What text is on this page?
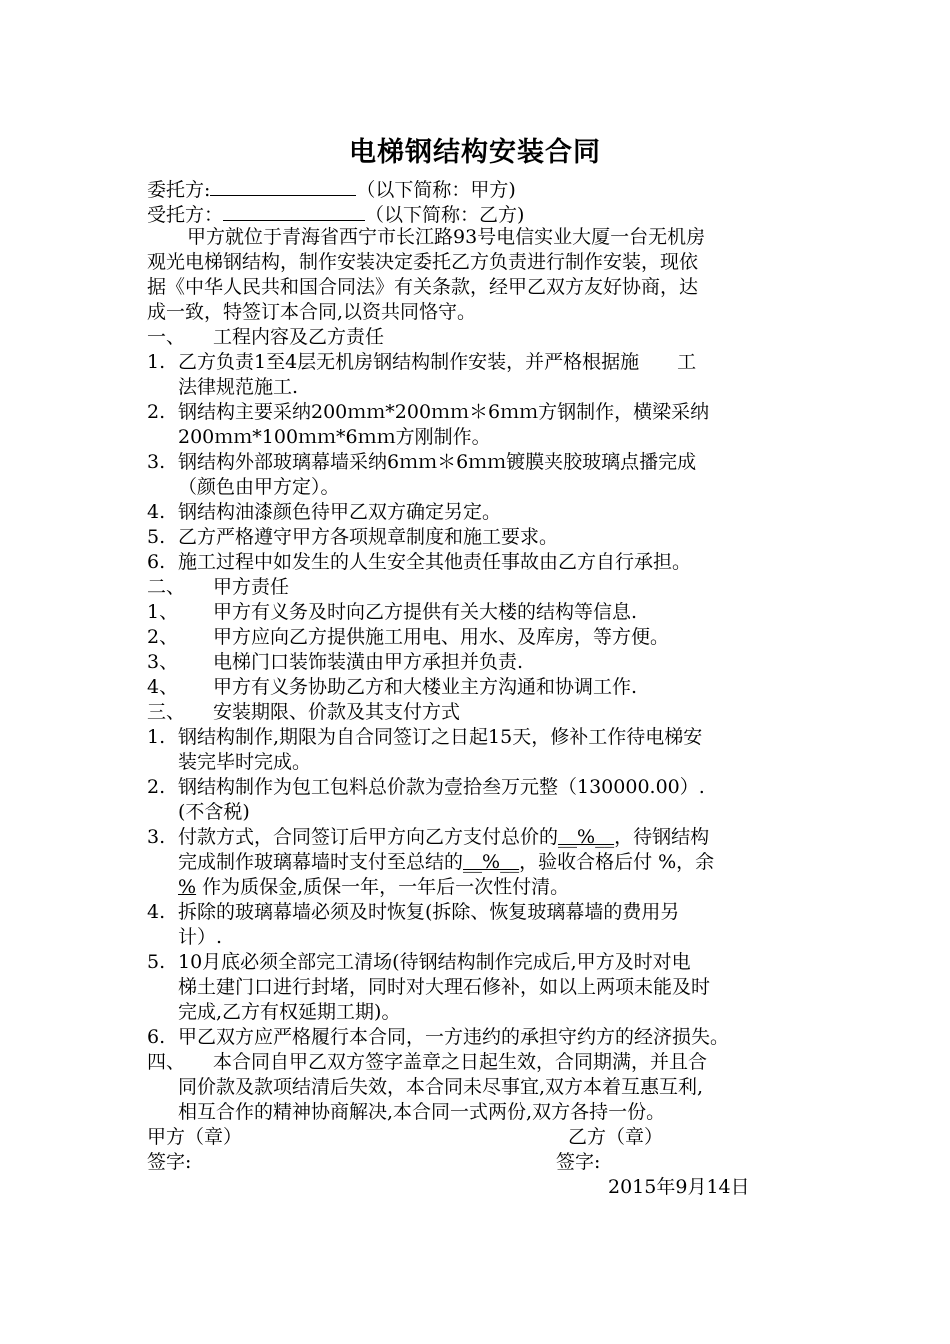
电梯钢结构安装合同
委托方:	（以下简称：甲方)
受托方：	（以下简称：乙方)
甲方就位于青海省西宁市长江路93号电信实业大厦一台无机房
观光电梯钢结构，制作安装决定委托乙方负责进行制作安装，现依
据《中华人民共和国合同法》有关条款，经甲乙双方友好协商，达
成一致，特签订本合同,以资共同恪守。
一、 工程内容及乙方责任
1. 乙方负责1至4层无机房钢结构制作安装，并严格根据施　　工
法律规范施工.
2. 钢结构主要采纳200ｍｍ*200ｍｍ＊6ｍｍ方钢制作，横梁采纳
200ｍｍ*100ｍｍ*6ｍｍ方刚制作。
3. 钢结构外部玻璃幕墙采纳6ｍｍ＊6ｍｍ镀膜夹胶玻璃点播完成
（颜色由甲方定）。
4. 钢结构油漆颜色待甲乙双方确定另定。
5. 乙方严格遵守甲方各项规章制度和施工要求。
6. 施工过程中如发生的人生安全其他责任事故由乙方自行承担。
二、 甲方责任
1、 甲方有义务及时向乙方提供有关大楼的结构等信息.
2、 甲方应向乙方提供施工用电、用水、及库房，等方便。
3、 电梯门口装饰装潢由甲方承担并负责.
4、 甲方有义务协助乙方和大楼业主方沟通和协调工作.
三、 安装期限、价款及其支付方式
1. 钢结构制作,期限为自合同签订之日起15天，修补工作待电梯安
装完毕时完成。
2. 钢结构制作为包工包料总价款为壹拾叁万元整（130000.00）.
(不含税)
3. 付款方式，合同签订后甲方向乙方支付总价的__%__，待钢结构
完成制作玻璃幕墙时支付至总结的__%__，验收合格后付 %，余
% 作为质保金,质保一年，一年后一次性付清。
4. 拆除的玻璃幕墙必须及时恢复(拆除、恢复玻璃幕墙的费用另
计）.
5. 10月底必须全部完工清场(待钢结构制作完成后,甲方及时对电
梯土建门口进行封堵，同时对大理石修补，如以上两项未能及时
完成,乙方有权延期工期)。
6. 甲乙双方应严格履行本合同，一方违约的承担守约方的经济损失。
四、 本合同自甲乙双方签字盖章之日起生效，合同期满，并且合
同价款及款项结清后失效，本合同未尽事宜,双方本着互惠互利,
相互合作的精神协商解决,本合同一式两份,双方各持一份。
甲方（章）	乙方（章）
签字:	签字:
2015年9月14日
